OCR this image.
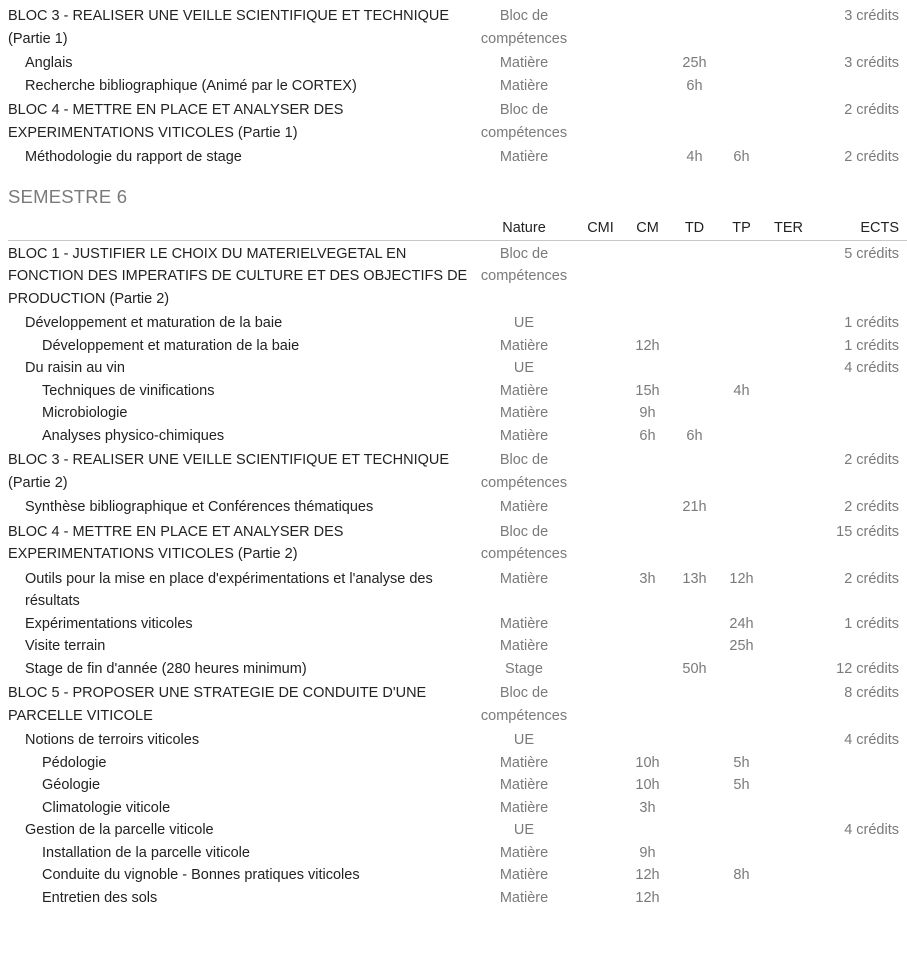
BLOC 3 - REALISER UNE VEILLE SCIENTIFIQUE ET TECHNIQUE (Partie 1)	Bloc de compétences						3 crédits
Anglais	Matière			25h			3 crédits
Recherche bibliographique (Animé par le CORTEX)	Matière			6h			
BLOC 4 - METTRE EN PLACE ET ANALYSER DES EXPERIMENTATIONS VITICOLES (Partie 1)	Bloc de compétences						2 crédits
Méthodologie du rapport de stage	Matière			4h	6h		2 crédits
SEMESTRE 6
	Nature	CMI	CM	TD	TP	TER	ECTS

BLOC 1 - JUSTIFIER LE CHOIX DU MATERIELVEGETAL EN FONCTION DES IMPERATIFS DE CULTURE ET DES OBJECTIFS DE PRODUCTION (Partie 2)	Bloc de compétences						5 crédits
Développement et maturation de la baie	UE						1 crédits
Développement et maturation de la baie	Matière		12h				1 crédits
Du raisin au vin	UE						4 crédits
Techniques de vinifications	Matière		15h		4h		
Microbiologie	Matière		9h				
Analyses physico-chimiques	Matière		6h	6h			
BLOC 3 - REALISER UNE VEILLE SCIENTIFIQUE ET TECHNIQUE (Partie 2)	Bloc de compétences						2 crédits
Synthèse bibliographique et Conférences thématiques	Matière			21h			2 crédits
BLOC 4 - METTRE EN PLACE ET ANALYSER DES EXPERIMENTATIONS VITICOLES (Partie 2)	Bloc de compétences						15 crédits
Outils pour la mise en place d'expérimentations et l'analyse des résultats	Matière		3h	13h	12h		2 crédits
Expérimentations viticoles	Matière				24h		1 crédits
Visite terrain	Matière				25h		
Stage de fin d'année (280 heures minimum)	Stage			50h			12 crédits
BLOC 5 - PROPOSER UNE STRATEGIE DE CONDUITE D'UNE PARCELLE VITICOLE	Bloc de compétences						8 crédits
Notions de terroirs viticoles	UE						4 crédits
Pédologie	Matière		10h		5h		
Géologie	Matière		10h		5h		
Climatologie viticole	Matière		3h				
Gestion de la parcelle viticole	UE						4 crédits
Installation de la parcelle viticole	Matière		9h				
Conduite du vignoble - Bonnes pratiques viticoles	Matière		12h		8h		
Entretien des sols	Matière		12h				
